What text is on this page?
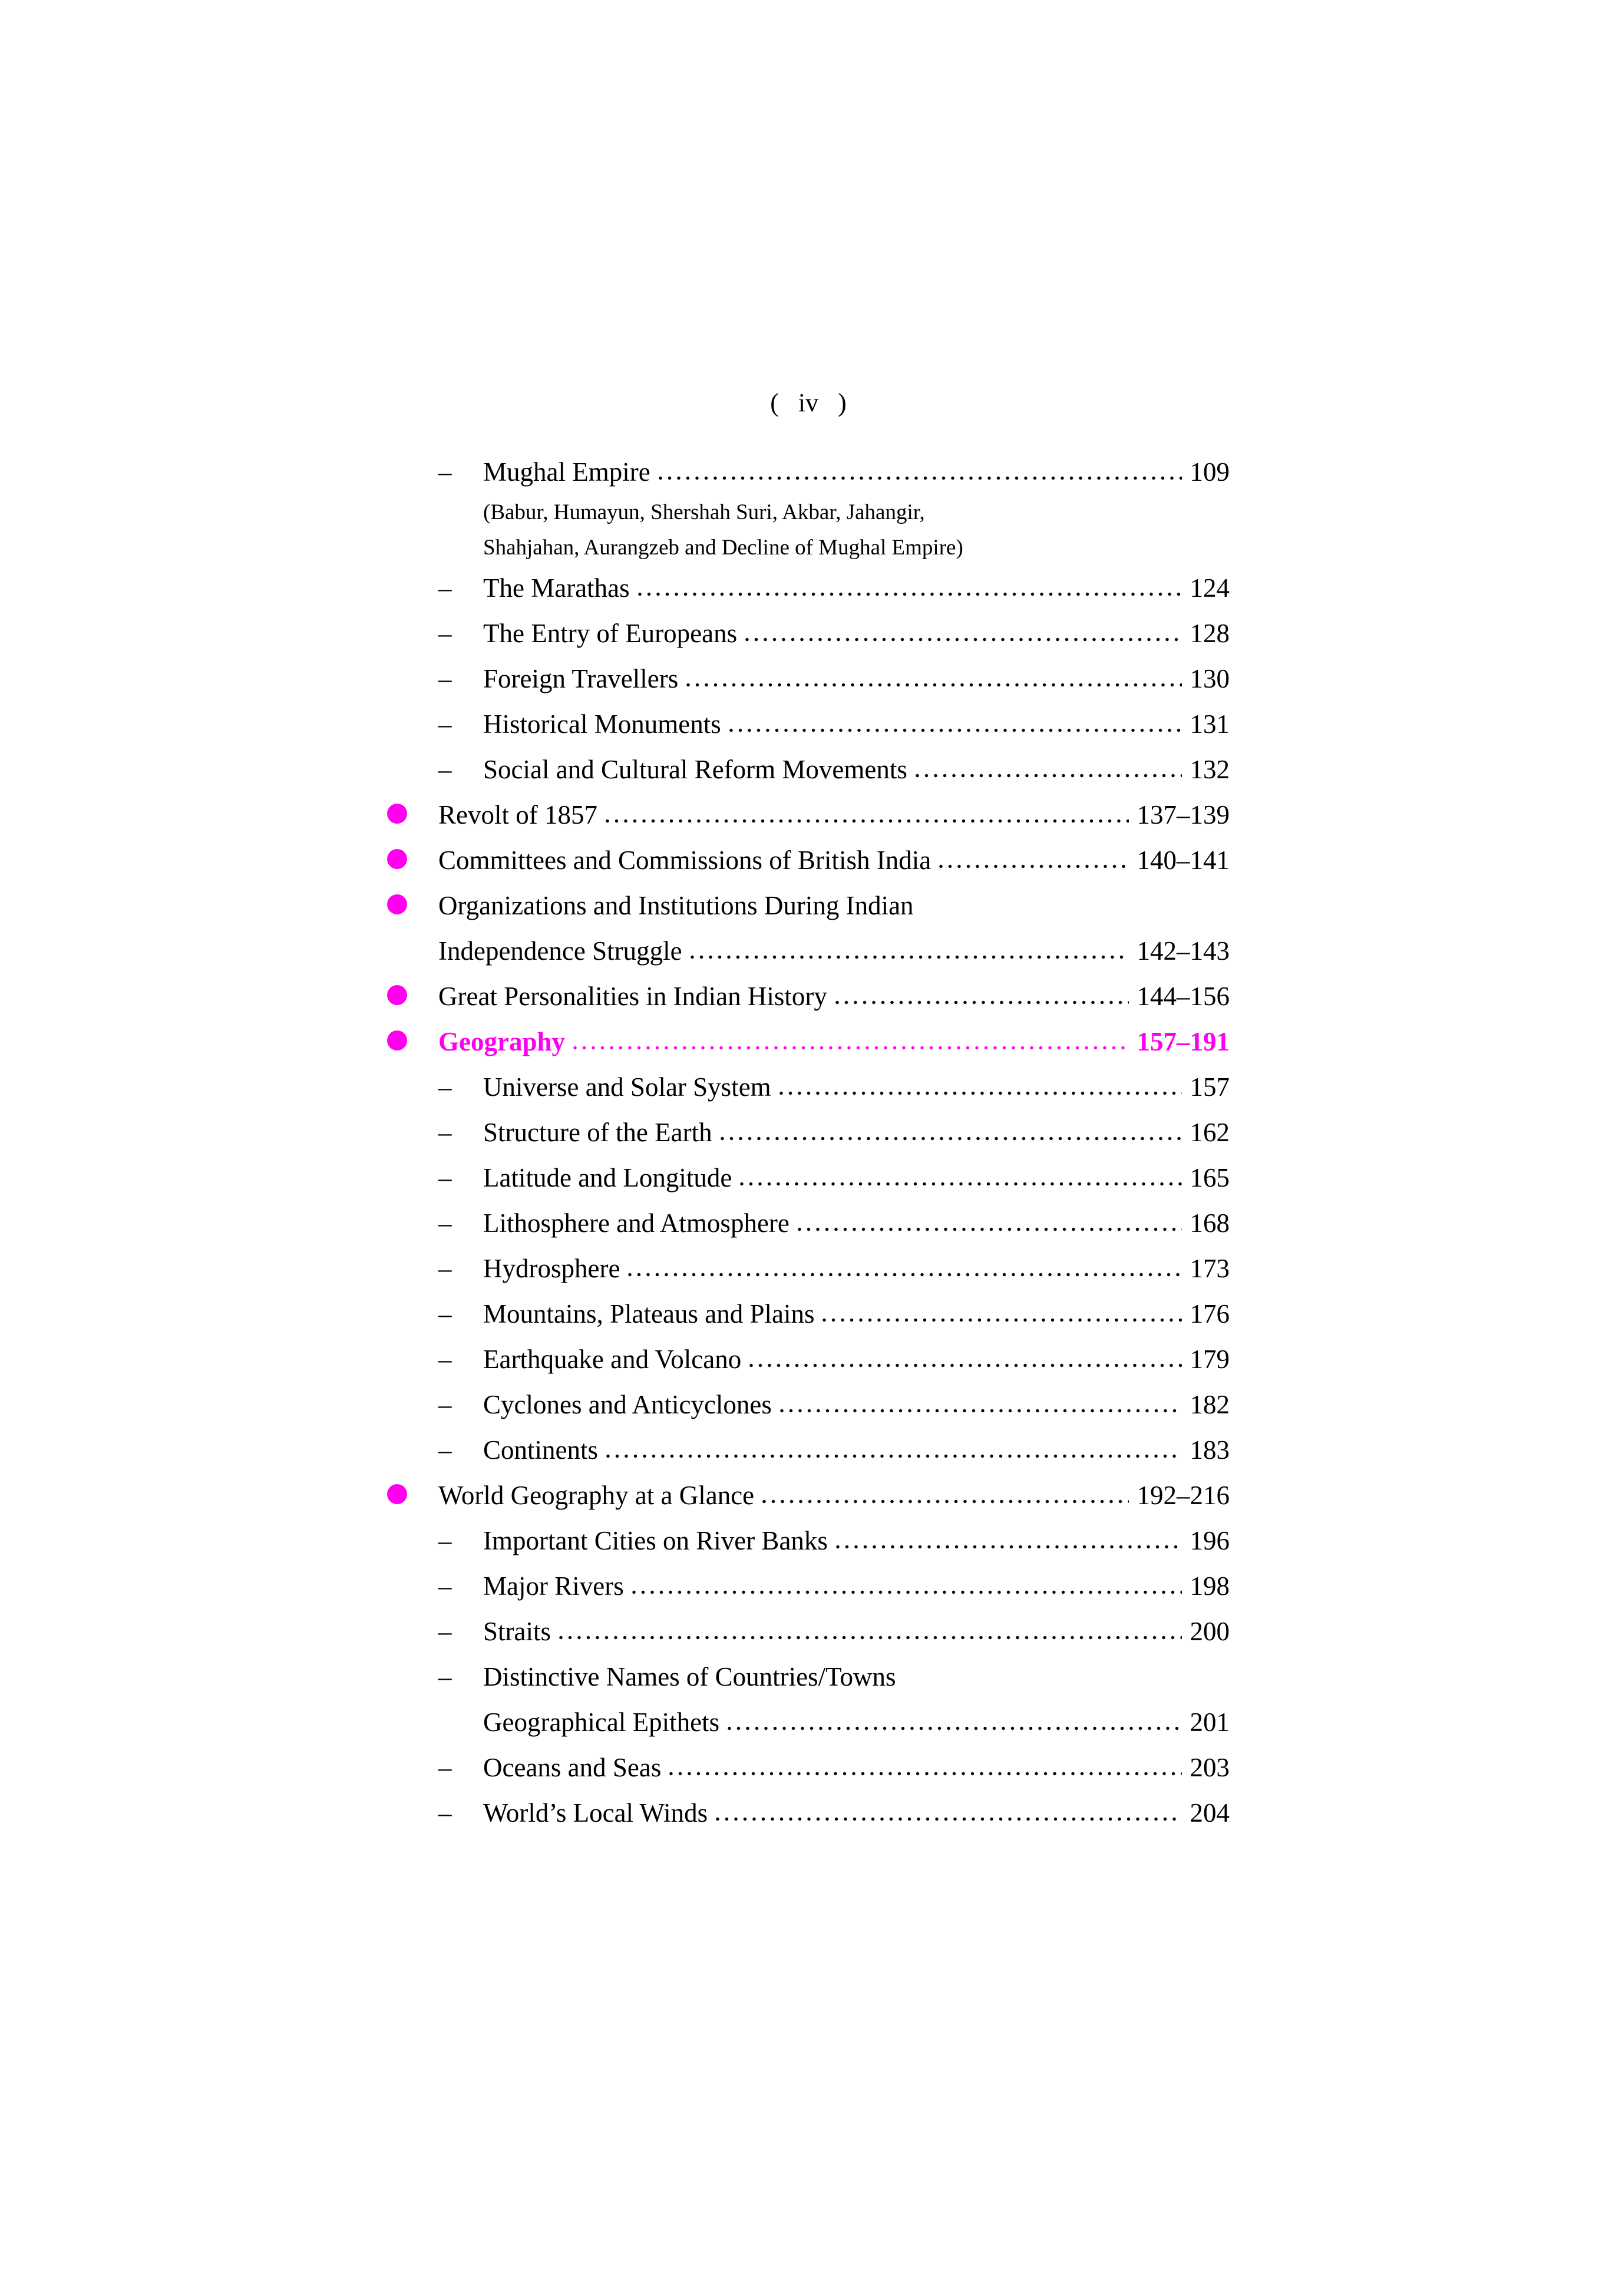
( iv )
–	Mughal Empire	109
(Babur, Humayun, Shershah Suri, Akbar, Jahangir,
Shahjahan, Aurangzeb and Decline of Mughal Empire)
–	The Marathas	124
–	The Entry of Europeans	128
–	Foreign Travellers	130
–	Historical Monuments	131
–	Social and Cultural Reform Movements	132
Revolt of 1857	137–139
Committees and Commissions of British India	140–141
Organizations and Institutions During Indian
Independence Struggle	142–143
Great Personalities in Indian History	144–156
Geography	157–191
–	Universe and Solar System	157
–	Structure of the Earth	162
–	Latitude and Longitude	165
–	Lithosphere and Atmosphere	168
–	Hydrosphere	173
–	Mountains, Plateaus and Plains	176
–	Earthquake and Volcano	179
–	Cyclones and Anticyclones	182
–	Continents	183
World Geography at a Glance	192–216
–	Important Cities on River Banks	196
–	Major Rivers	198
–	Straits	200
–	Distinctive Names of Countries/Towns
Geographical Epithets	201
–	Oceans and Seas	203
–	World’s Local Winds	204
